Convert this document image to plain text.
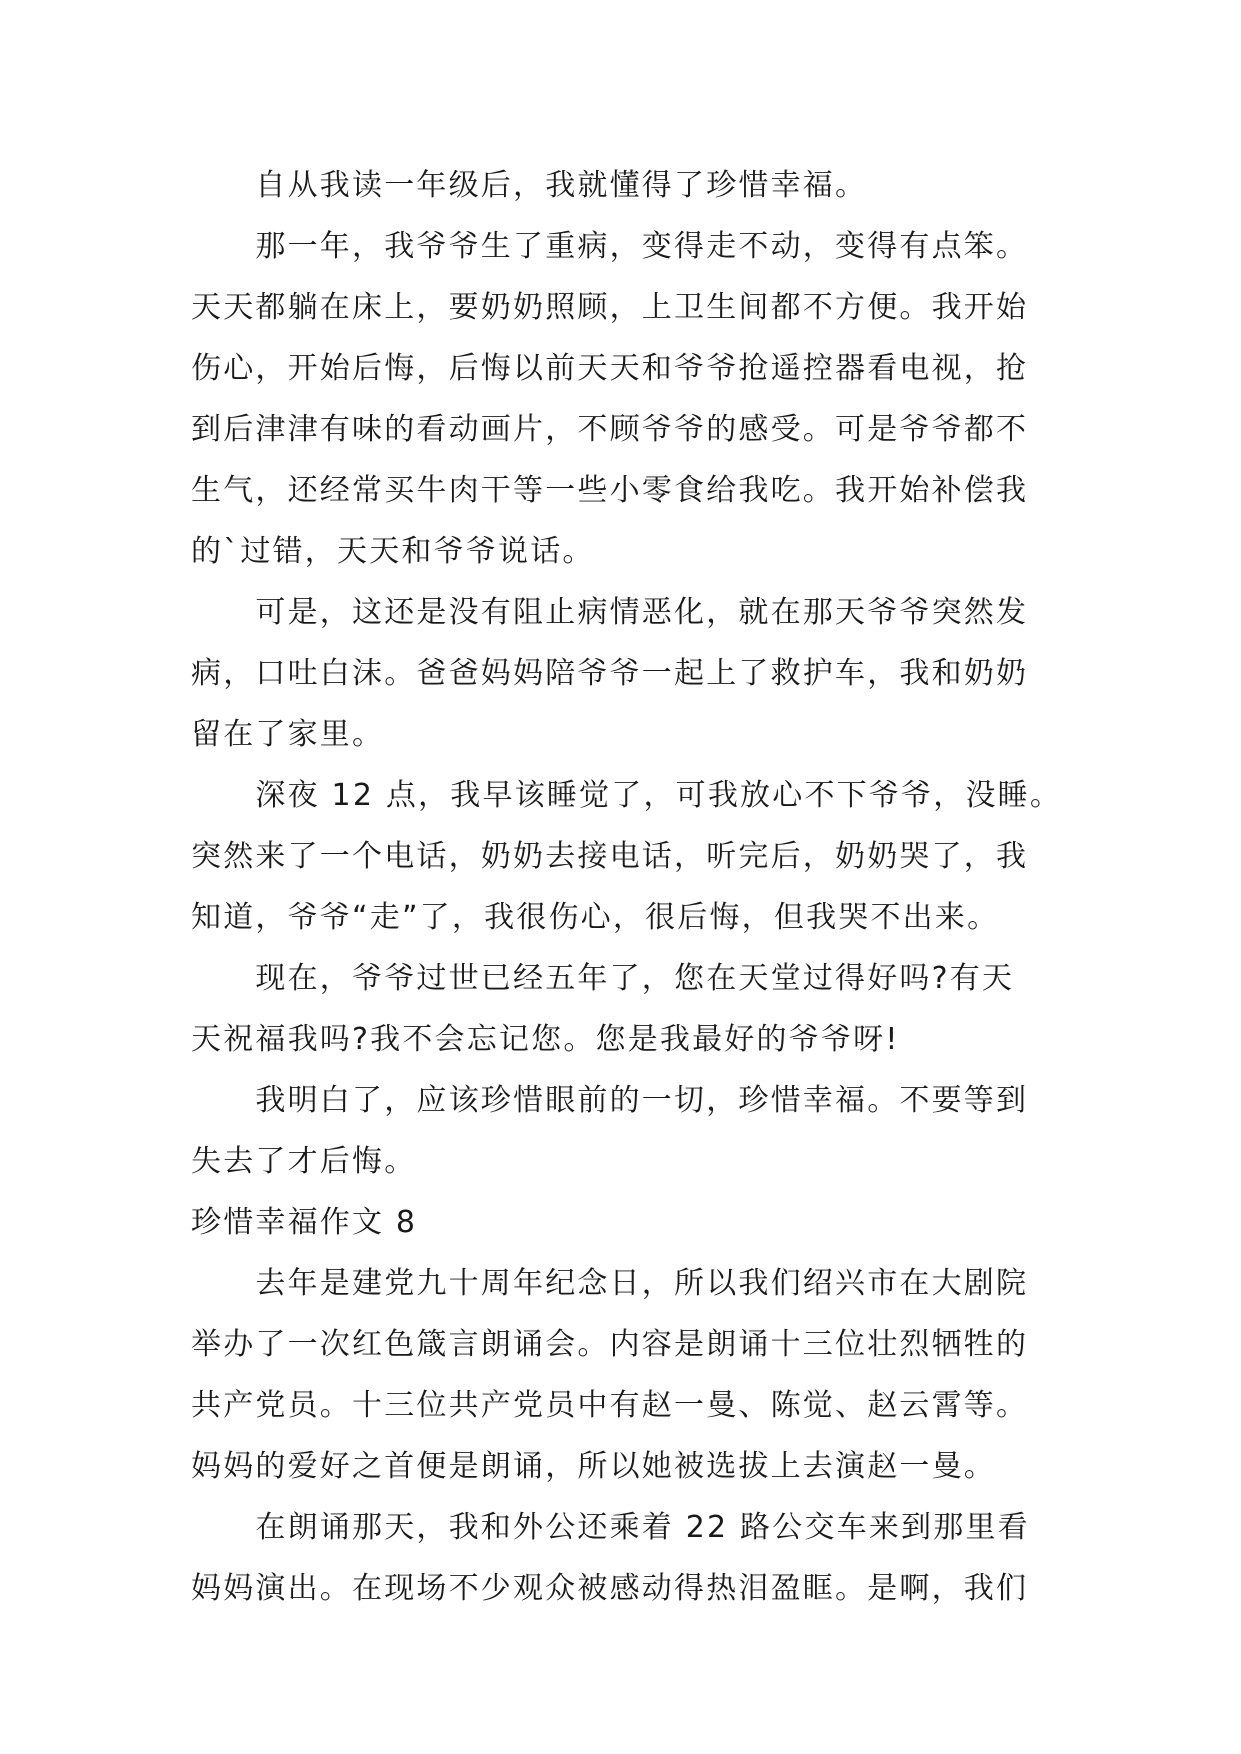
　　自从我读一年级后，我就懂得了珍惜幸福。
　　那一年，我爷爷生了重病，变得走不动，变得有点笨。
天天都躺在床上，要奶奶照顾，上卫生间都不方便。我开始
伤心，开始后悔，后悔以前天天和爷爷抢遥控器看电视，抢
到后津津有味的看动画片，不顾爷爷的感受。可是爷爷都不
生气，还经常买牛肉干等一些小零食给我吃。我开始补偿我
的`过错，天天和爷爷说话。
　　可是，这还是没有阻止病情恶化，就在那天爷爷突然发
病，口吐白沫。爸爸妈妈陪爷爷一起上了救护车，我和奶奶
留在了家里。
　　深夜 12 点，我早该睡觉了，可我放心不下爷爷，没睡。
突然来了一个电话，奶奶去接电话，听完后，奶奶哭了，我
知道，爷爷“走”了，我很伤心，很后悔，但我哭不出来。
　　现在，爷爷过世已经五年了，您在天堂过得好吗?有天
天祝福我吗?我不会忘记您。您是我最好的爷爷呀!
　　我明白了，应该珍惜眼前的一切，珍惜幸福。不要等到
失去了才后悔。
珍惜幸福作文 8
　　去年是建党九十周年纪念日，所以我们绍兴市在大剧院
举办了一次红色箴言朗诵会。内容是朗诵十三位壮烈牺牲的
共产党员。十三位共产党员中有赵一曼、陈觉、赵云霄等。
妈妈的爱好之首便是朗诵，所以她被选拔上去演赵一曼。
　　在朗诵那天，我和外公还乘着 22 路公交车来到那里看
妈妈演出。在现场不少观众被感动得热泪盈眶。是啊，我们
